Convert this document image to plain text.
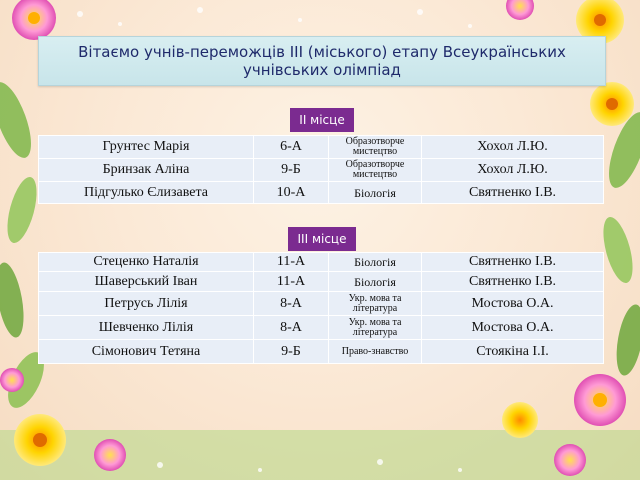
Вітаємо учнів-переможців III (міського) етапу Всеукраїнських учнівських олімпіад
II місце
Грунтес Марія	6-А	Образотворче мистецтво	Хохол Л.Ю.
Бринзак Аліна	9-Б	Образотворче мистецтво	Хохол Л.Ю.
Підгулько Єлизавета	10-А	Біологія	Святненко І.В.
III місце
Стеценко Наталія	11-А	Біологія	Святненко І.В.
Шаверський Іван	11-А	Біологія	Святненко І.В.
Петрусь Лілія	8-А	Укр. мова та література	Мостова О.А.
Шевченко Лілія	8-А	Укр. мова та література	Мостова О.А.
Сімонович Тетяна	9-Б	Право-знавство	Стоякіна І.І.
